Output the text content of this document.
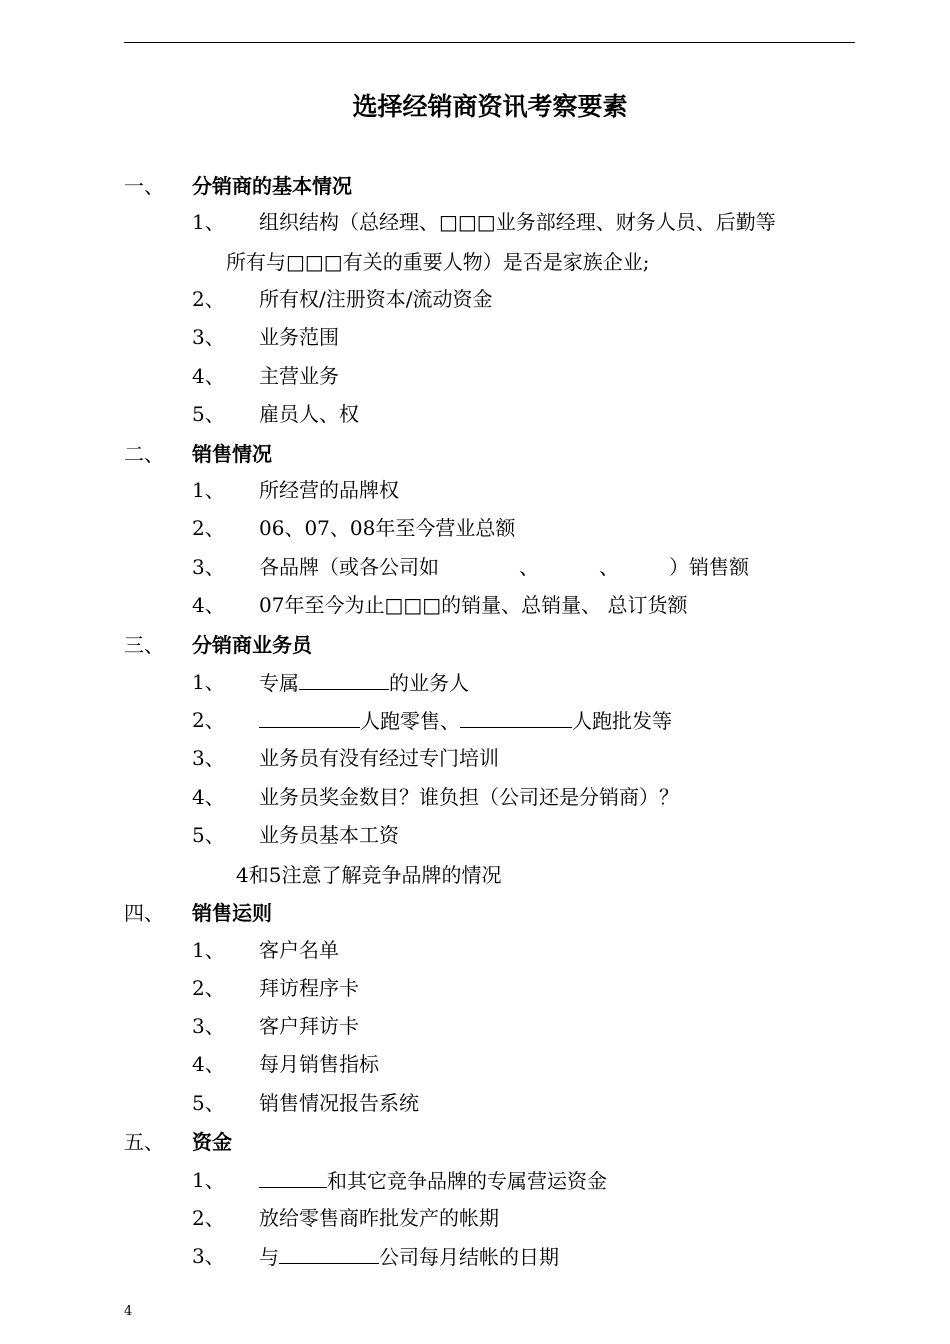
选择经销商资讯考察要素
一、 分销商的基本情况
1、 组织结构（总经理、□□□业务部经理、财务人员、后勤等
所有与□□□有关的重要人物）是否是家族企业;
2、 所有权/注册资本/流动资金
3、 业务范围
4、 主营业务
5、 雇员人、权
二、 销售情况
1、 所经营的品牌权
2、 06、07、08年至今营业总额
3、 各品牌（或各公司如	、	、	）销售额
4、 07年至今为止□□□的销量、总销量、 总订货额
三、 分销商业务员
1、 专属	的业务人
2、	人跑零售、	人跑批发等
3、 业务员有没有经过专门培训
4、 业务员奖金数目？谁负担（公司还是分销商）？
5、 业务员基本工资
4和5注意了解竞争品牌的情况
四、 销售运则
1、 客户名单
2、 拜访程序卡
3、 客户拜访卡
4、 每月销售指标
5、 销售情况报告系统
五、 资金
1、	和其它竞争品牌的专属营运资金
2、 放给零售商昨批发产的帐期
3、 与	公司每月结帐的日期
4
